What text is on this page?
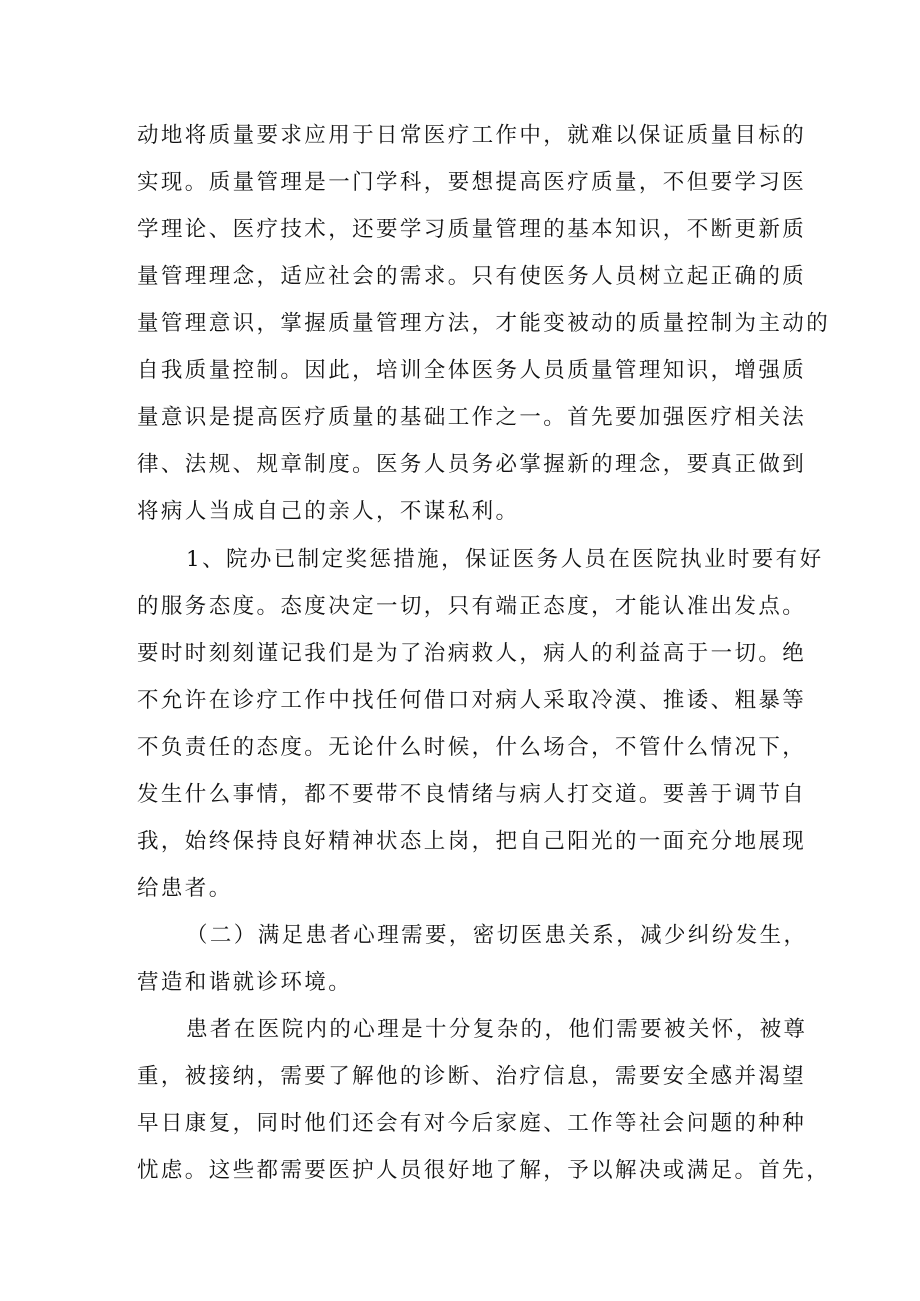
动地将质量要求应用于日常医疗工作中，就难以保证质量目标的
实现。质量管理是一门学科，要想提高医疗质量，不但要学习医
学理论、医疗技术，还要学习质量管理的基本知识，不断更新质
量管理理念，适应社会的需求。只有使医务人员树立起正确的质
量管理意识，掌握质量管理方法，才能变被动的质量控制为主动的
自我质量控制。因此，培训全体医务人员质量管理知识，增强质
量意识是提高医疗质量的基础工作之一。首先要加强医疗相关法
律、法规、规章制度。医务人员务必掌握新的理念，要真正做到
将病人当成自己的亲人，不谋私利。
1、院办已制定奖惩措施，保证医务人员在医院执业时要有好
的服务态度。态度决定一切，只有端正态度，才能认准出发点。
要时时刻刻谨记我们是为了治病救人，病人的利益高于一切。绝
不允许在诊疗工作中找任何借口对病人采取冷漠、推诿、粗暴等
不负责任的态度。无论什么时候，什么场合，不管什么情况下，
发生什么事情，都不要带不良情绪与病人打交道。要善于调节自
我，始终保持良好精神状态上岗，把自己阳光的一面充分地展现
给患者。
（二）满足患者心理需要，密切医患关系，减少纠纷发生，
营造和谐就诊环境。
患者在医院内的心理是十分复杂的，他们需要被关怀，被尊
重，被接纳，需要了解他的诊断、治疗信息，需要安全感并渴望
早日康复，同时他们还会有对今后家庭、工作等社会问题的种种
忧虑。这些都需要医护人员很好地了解，予以解决或满足。首先，
